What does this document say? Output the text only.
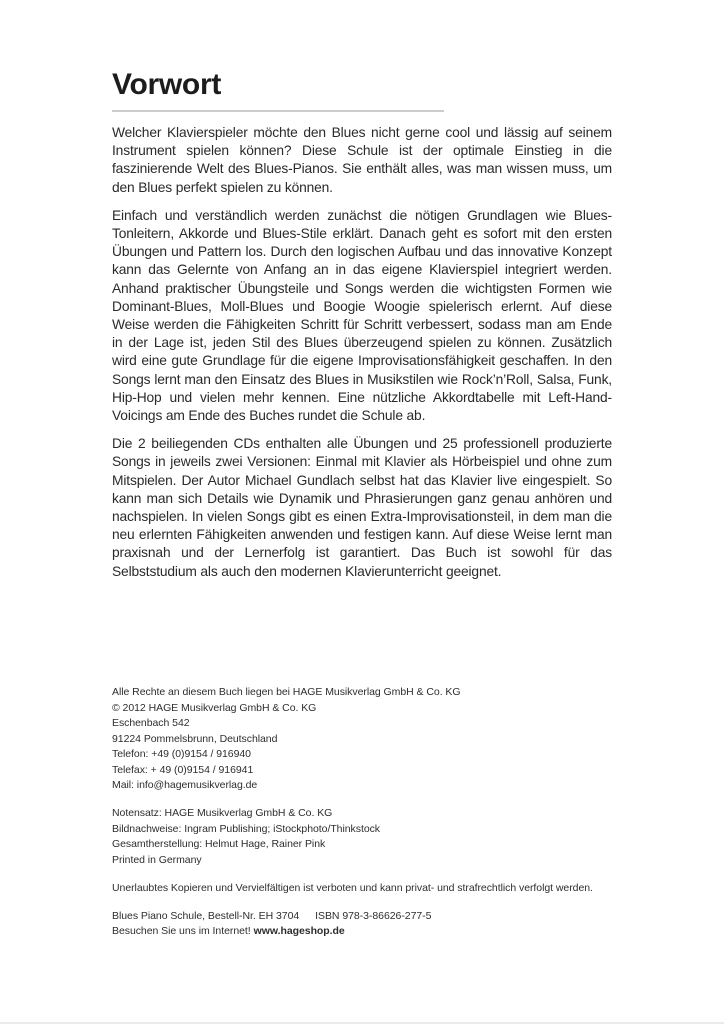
Vorwort

Welcher Klavierspieler möchte den Blues nicht gerne cool und lässig auf seinem Instrument spielen können? Diese Schule ist der optimale Einstieg in die faszinierende Welt des Blues-Pianos. Sie enthält alles, was man wissen muss, um den Blues perfekt spielen zu können.

Einfach und verständlich werden zunächst die nötigen Grundlagen wie Blues-Tonleitern, Akkorde und Blues-Stile erklärt. Danach geht es sofort mit den ersten Übungen und Pattern los. Durch den logischen Aufbau und das innovative Konzept kann das Gelernte von Anfang an in das eigene Klavierspiel integriert werden. Anhand praktischer Übungsteile und Songs werden die wichtigsten Formen wie Dominant-Blues, Moll-Blues und Boogie Woogie spielerisch erlernt. Auf diese Weise werden die Fähigkeiten Schritt für Schritt verbessert, sodass man am Ende in der Lage ist, jeden Stil des Blues überzeugend spielen zu können. Zusätzlich wird eine gute Grundlage für die eigene Improvisationsfähigkeit geschaffen. In den Songs lernt man den Einsatz des Blues in Musikstilen wie Rock’n’Roll, Salsa, Funk, Hip-Hop und vielen mehr kennen. Eine nützliche Akkordtabelle mit Left-Hand-Voicings am Ende des Buches rundet die Schule ab.

Die 2 beiliegenden CDs enthalten alle Übungen und 25 professionell produzierte Songs in jeweils zwei Versionen: Einmal mit Klavier als Hörbeispiel und ohne zum Mitspielen. Der Autor Michael Gundlach selbst hat das Klavier live eingespielt. So kann man sich Details wie Dynamik und Phrasierungen ganz genau anhören und nachspielen. In vielen Songs gibt es einen Extra-Improvisationsteil, in dem man die neu erlernten Fähigkeiten anwenden und festigen kann. Auf diese Weise lernt man praxisnah und der Lernerfolg ist garantiert. Das Buch ist sowohl für das Selbststudium als auch den modernen Klavierunterricht geeignet.

Alle Rechte an diesem Buch liegen bei HAGE Musikverlag GmbH & Co. KG
© 2012 HAGE Musikverlag GmbH & Co. KG
Eschenbach 542
91224 Pommelsbrunn, Deutschland
Telefon: +49 (0)9154 / 916940
Telefax: + 49 (0)9154 / 916941
Mail: info@hagemusikverlag.de
Notensatz: HAGE Musikverlag GmbH & Co. KG
Bildnachweise: Ingram Publishing; iStockphoto/Thinkstock
Gesamtherstellung: Helmut Hage, Rainer Pink
Printed in Germany
Unerlaubtes Kopieren und Vervielfältigen ist verboten und kann privat- und strafrechtlich verfolgt werden.
Blues Piano Schule, Bestell-Nr. EH 3704 ISBN 978-3-86626-277-5
Besuchen Sie uns im Internet! www.hageshop.de
